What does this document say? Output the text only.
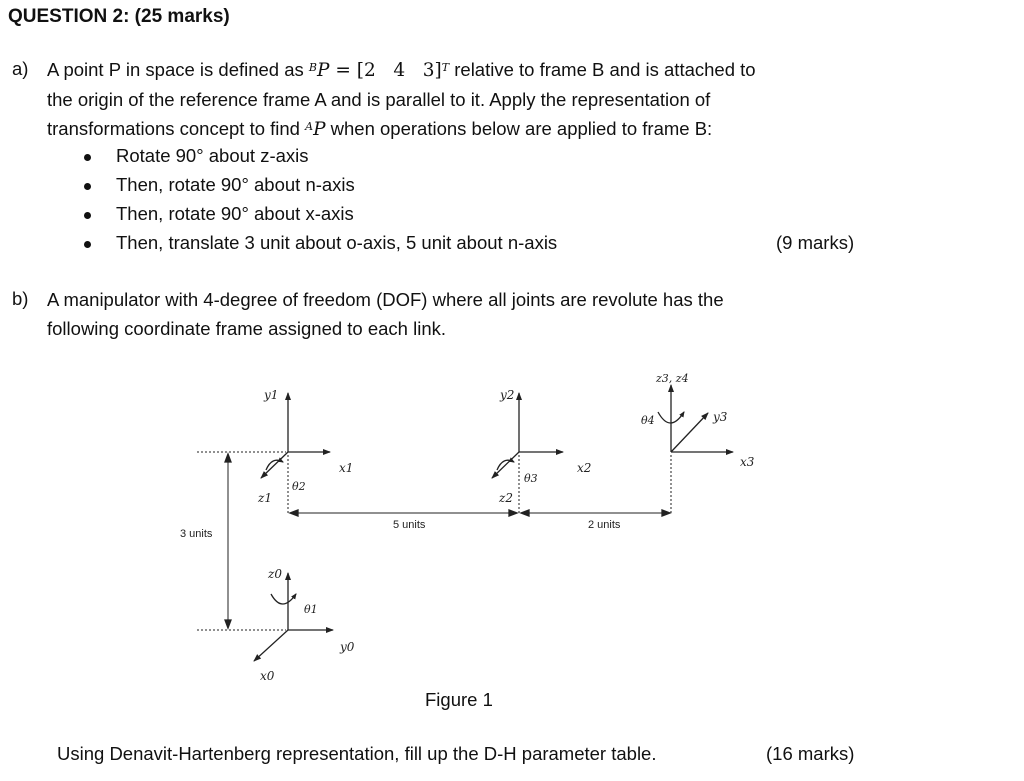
QUESTION 2: (25 marks)
a) A point P in space is defined as $^B$P = [2   4   3]$^T$ relative to frame B and is attached to
the origin of the reference frame A and is parallel to it. Apply the representation of
transformations concept to find $^A$P when operations below are applied to frame B:
Rotate 90° about z-axis
Then, rotate 90° about n-axis
Then, rotate 90° about x-axis
Then, translate 3 unit about o-axis, 5 unit about n-axis	(9 marks)
b) A manipulator with 4-degree of freedom (DOF) where all joints are revolute has the
following coordinate frame assigned to each link.
y1
x1
z1
θ2
y2
x2
z2
θ3
z3, z4
y3
x3
θ4
z0
x0
y0
θ1
3 units
5 units	2 units
Figure 1
Using Denavit-Hartenberg representation, fill up the D-H parameter table.	(16 marks)
